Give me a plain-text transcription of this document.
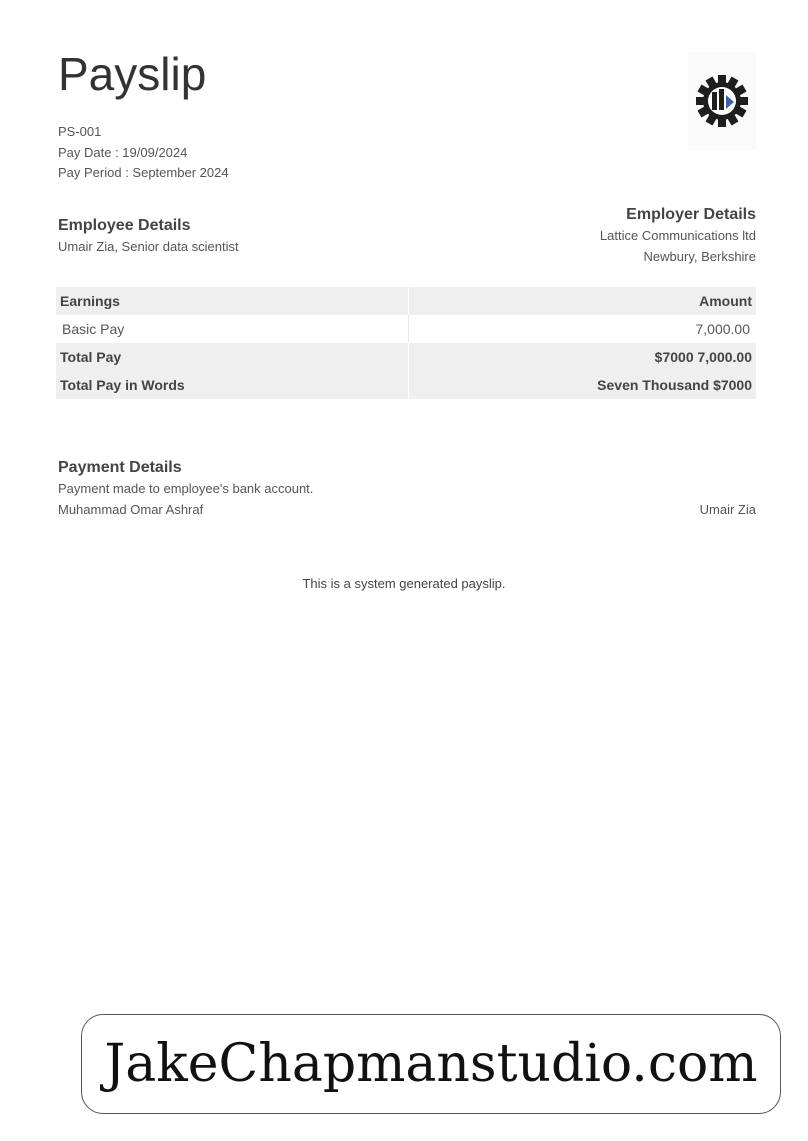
Payslip
PS-001
Pay Date : 19/09/2024
Pay Period : September 2024
Employee Details
Umair Zia, Senior data scientist
Employer Details
Lattice Communications ltd
Newbury, Berkshire
Earnings	Amount
Basic Pay	7,000.00
Total Pay	$7000 7,000.00
Total Pay in Words	Seven Thousand $7000
Payment Details
Payment made to employee's bank account.
Muhammad Omar Ashraf	Umair Zia
This is a system generated payslip.
JakeChapmanstudio.com
